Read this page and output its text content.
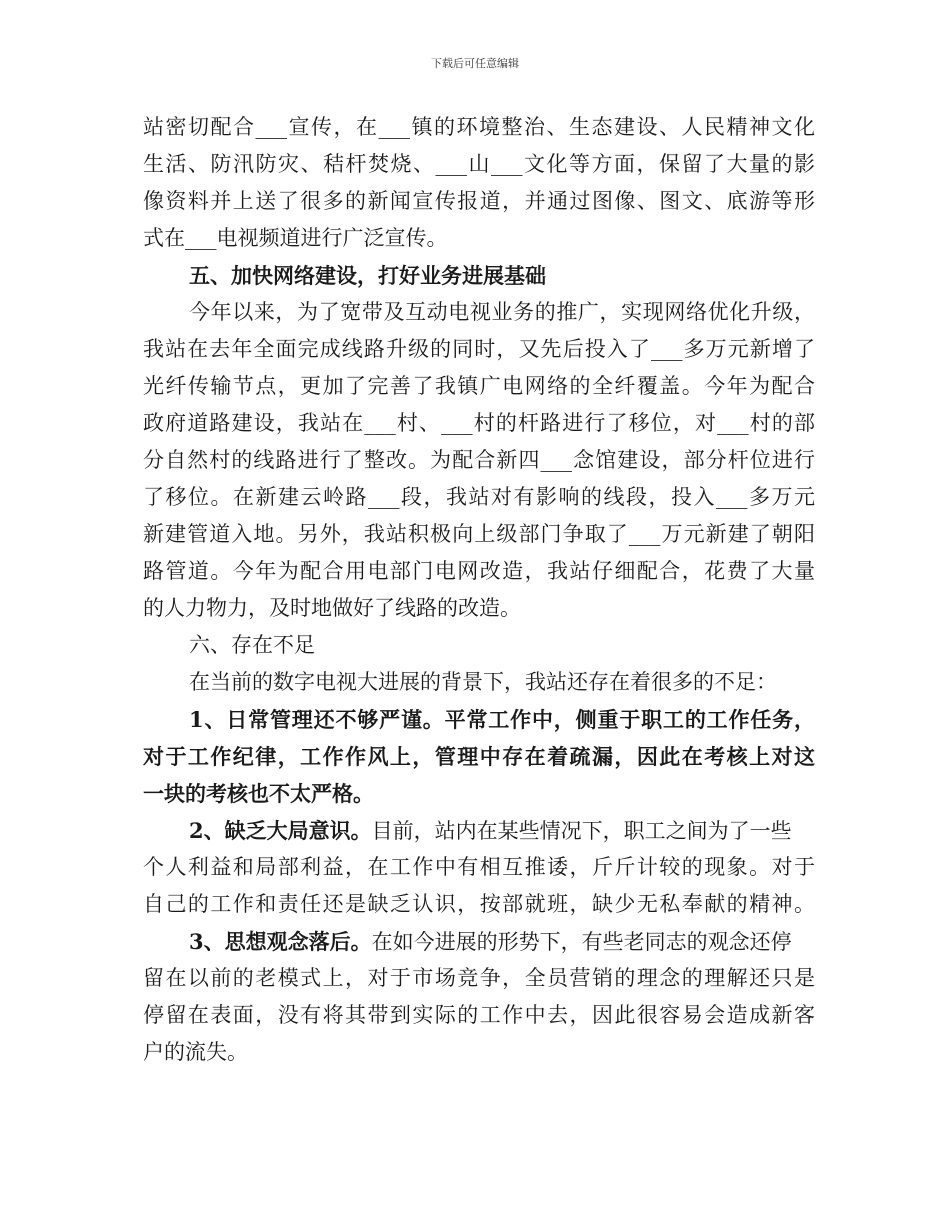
下载后可任意编辑
站密切配合___宣传，在___镇的环境整治、生态建设、人民精神文化
生活、防汛防灾、秸杆焚烧、___山___文化等方面，保留了大量的影
像资料并上送了很多的新闻宣传报道，并通过图像、图文、底游等形
式在___电视频道进行广泛宣传。
五、加快网络建设，打好业务进展基础
今年以来，为了宽带及互动电视业务的推广，实现网络优化升级，
我站在去年全面完成线路升级的同时，又先后投入了___多万元新增了
光纤传输节点，更加了完善了我镇广电网络的全纤覆盖。今年为配合
政府道路建设，我站在___村、___村的杆路进行了移位，对___村的部
分自然村的线路进行了整改。为配合新四___念馆建设，部分杆位进行
了移位。在新建云岭路___段，我站对有影响的线段，投入___多万元
新建管道入地。另外，我站积极向上级部门争取了___万元新建了朝阳
路管道。今年为配合用电部门电网改造，我站仔细配合，花费了大量
的人力物力，及时地做好了线路的改造。
六、存在不足
在当前的数字电视大进展的背景下，我站还存在着很多的不足：
1、日常管理还不够严谨。平常工作中，侧重于职工的工作任务，
对于工作纪律，工作作风上，管理中存在着疏漏，因此在考核上对这
一块的考核也不太严格。
2、缺乏大局意识。目前，站内在某些情况下，职工之间为了一些
个人利益和局部利益，在工作中有相互推诿，斤斤计较的现象。对于
自己的工作和责任还是缺乏认识，按部就班，缺少无私奉献的精神。
3、思想观念落后。在如今进展的形势下，有些老同志的观念还停
留在以前的老模式上，对于市场竞争，全员营销的理念的理解还只是
停留在表面，没有将其带到实际的工作中去，因此很容易会造成新客
户的流失。
